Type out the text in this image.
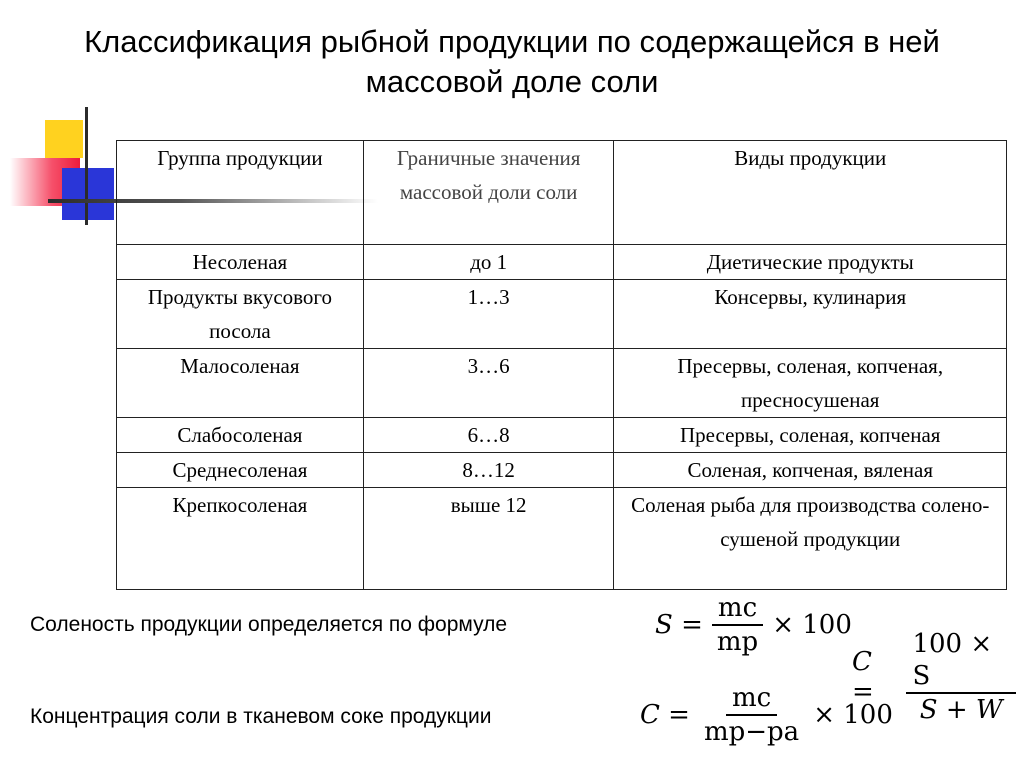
Классификация рыбной продукции по содержащейся в ней
массовой доле соли
Группа продукции	Граничные значения массовой доли соли	Виды продукции
Несоленая	до 1	Диетические продукты
Продукты вкусового посола	1…3	Консервы, кулинария
Малосоленая	3…6	Пресервы, соленая, копченая, пресносушеная
Слабосоленая	6…8	Пресервы, соленая, копченая
Среднесоленая	8…12	Соленая, копченая, вяленая
Крепкосоленая	выше 12	Соленая рыба для производства солено-сушеной продукции
Соленость продукции определяется по формуле
Концентрация соли в тканевом соке продукции
$S = \frac{mс}{mр} \times 100$
C =	$\frac{100 \times S}{S + W}$
$C = \frac{mс}{mр-ра} \times 100$
